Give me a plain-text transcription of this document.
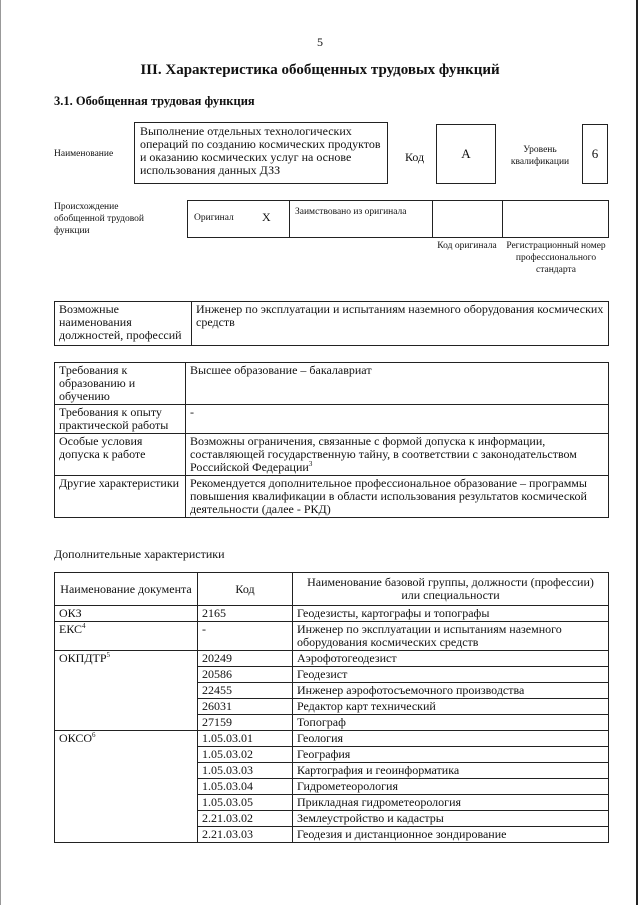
5
III. Характеристика обобщенных трудовых функций
3.1. Обобщенная трудовая функция
Наименование
Выполнение отдельных технологических операций по созданию космических продуктов и оказанию космических услуг на основе использования данных ДЗЗ
Код	А	Уровень квалификации
6
Происхождение обобщенной трудовой функции
Оригинал Х	Заимствовано из оригинала
Код оригинала Регистрационный номер профессионального стандарта
Возможные наименования должностей, профессий	Инженер по эксплуатации и испытаниям наземного оборудования космических средств
Требования к образованию и обучению	Высшее образование – бакалавриат
Требования к опыту практической работы	-
Особые условия допуска к работе	Возможны ограничения, связанные с формой допуска к информации, составляющей государственную тайну, в соответствии с законодательством Российской Федерации$^3$
Другие характеристики	Рекомендуется дополнительное профессиональное образование – программы повышения квалификации в области использования результатов космической деятельности (далее - РКД)
Дополнительные характеристики
Наименование документа	Код	Наименование базовой группы, должности (профессии) или специальности
ОКЗ	2165	Геодезисты, картографы и топографы
ЕКС$^4$	-	Инженер по эксплуатации и испытаниям наземного оборудования космических средств
ОКПДТР$^5$	20249	Аэрофотогеодезист
	20586	Геодезист
	22455	Инженер аэрофотосъемочного производства
	26031	Редактор карт технический
	27159	Топограф
ОКСО$^6$	1.05.03.01	Геология
	1.05.03.02	География
	1.05.03.03	Картография и геоинформатика
	1.05.03.04	Гидрометеорология
	1.05.03.05	Прикладная гидрометеорология
	2.21.03.02	Землеустройство и кадастры
	2.21.03.03	Геодезия и дистанционное зондирование
